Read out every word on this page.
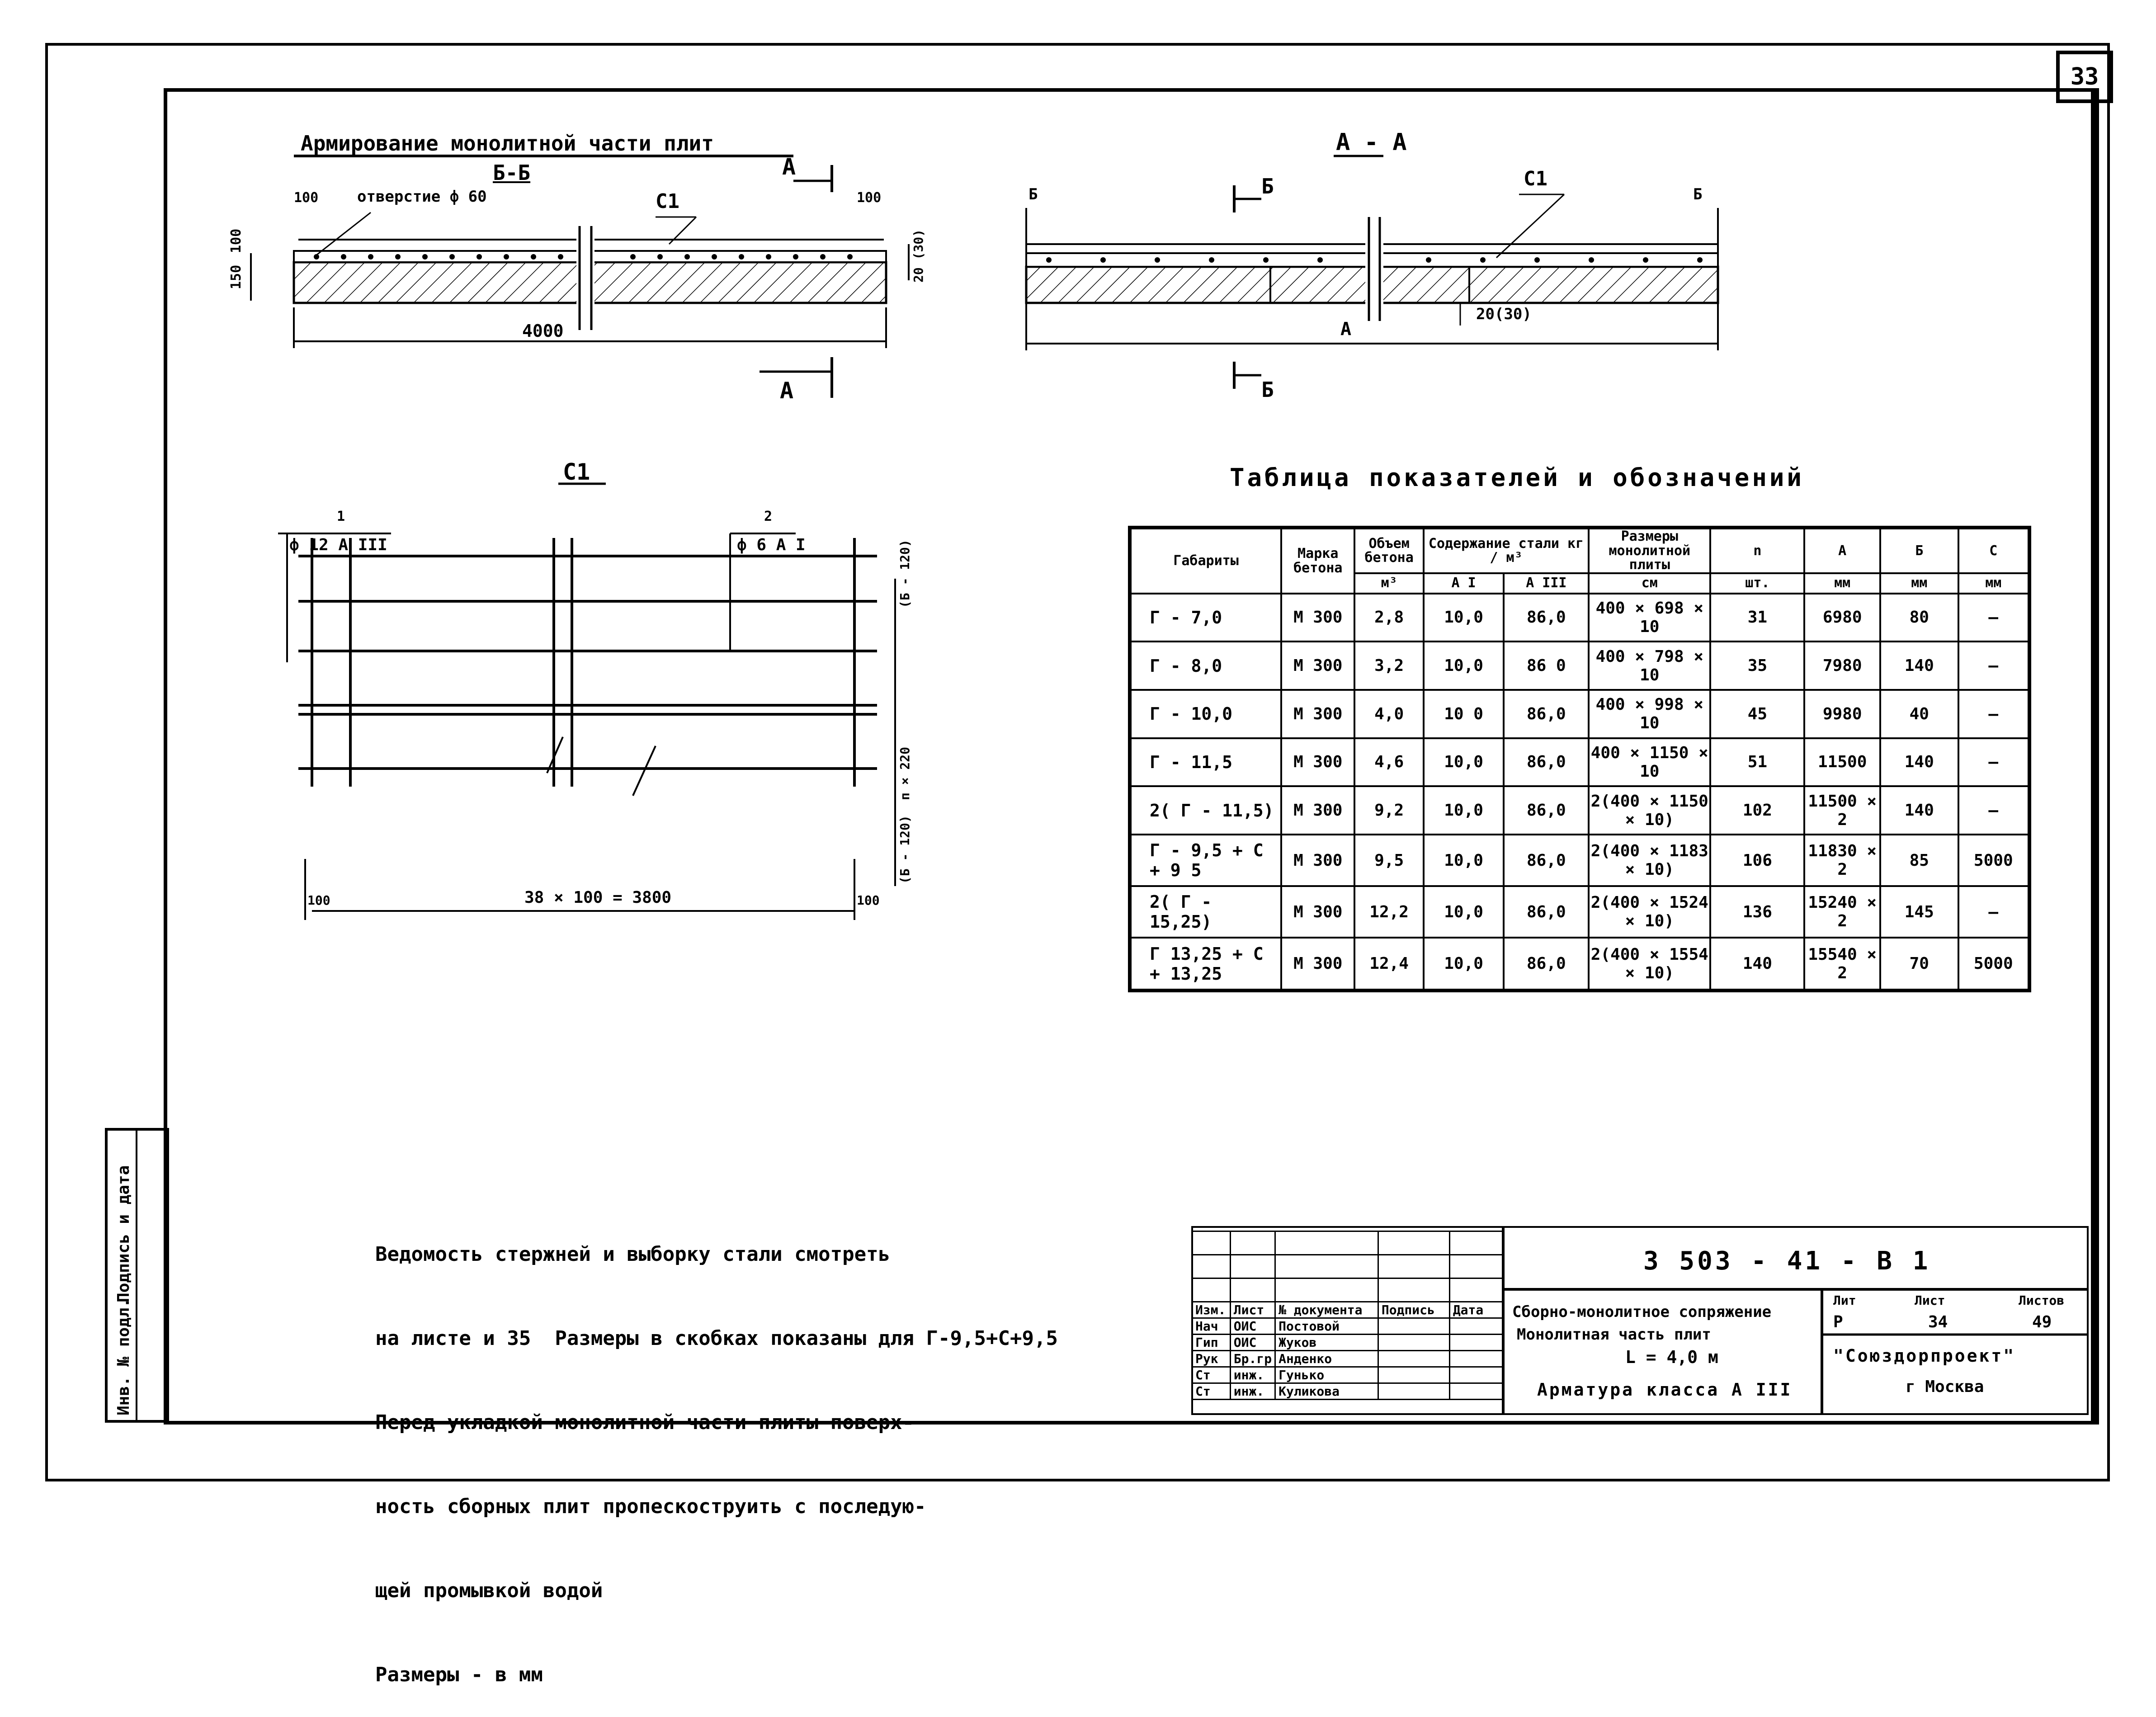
33
Армирование монолитной части плит
Б-Б	А
А
отверстие ф 60	С1
100	100
150
100	20 (30)
4000
А - А
Б
Б
Б	Б
С1
20(30)
А
С1
1
ф 12 А III
2
ф 6 А I
38 × 100 = 3800
100	100
(Б - 120)
п × 220
(Б - 120)
Таблица показателей и обозначений
Габариты	Марка бетона	Объем бетона	Содержание стали кг / м³		Размеры монолитной плиты	n	А	Б	С
		м³	А I	А III	см	шт.	мм	мм	мм
Г - 7,0	М 300	2,8	10,0	86,0	400 × 698 × 10	31	6980	80	—
Г - 8,0	М 300	3,2	10,0	86 0	400 × 798 × 10	35	7980	140	—
Г - 10,0	М 300	4,0	10 0	86,0	400 × 998 × 10	45	9980	40	—
Г - 11,5	М 300	4,6	10,0	86,0	400 × 1150 × 10	51	11500	140	—
2( Г - 11,5)	М 300	9,2	10,0	86,0	2(400 × 1150 × 10)	102	11500 × 2	140	—
Г - 9,5 + С + 9 5	М 300	9,5	10,0	86,0	2(400 × 1183 × 10)	106	11830 × 2	85	5000
2( Г - 15,25)	М 300	12,2	10,0	86,0	2(400 × 1524 × 10)	136	15240 × 2	145	—
Г 13,25 + С + 13,25	М 300	12,4	10,0	86,0	2(400 × 1554 × 10)	140	15540 × 2	70	5000

Ведомость стержней и выборку стали смотреть

на листе и 35  Размеры в скобках показаны для Г-9,5+С+9,5

Перед укладкой монолитной части плиты поверх-

ность сборных плит пропескоструить с последую-

щей промывкой водой

Размеры - в мм

Инв. № подл.
Подпись и дата

Изм.	Лист	№ документа	Подпись	Дата
Нач	ОИС	Постовой		
Гип	ОИС	Жуков		
Рук	Бр.гр	Анденко		
Ст	инж.	Гунько		
Ст	инж.	Куликова		
3 503 - 41 - В 1
Сборно-монолитное сопряжение
Монолитная часть плит
L = 4,0 м
Арматура класса А III
Лит	Лист	Листов
Р	34	49
"Союздорпроект"
г Москва
